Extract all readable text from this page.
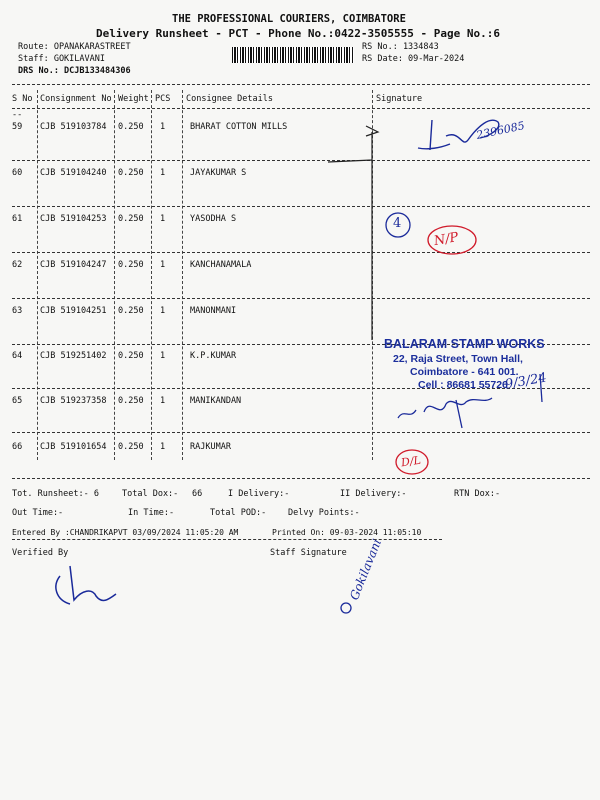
THE PROFESSIONAL COURIERS, COIMBATORE
Delivery Runsheet - PCT - Phone No.:0422-3505555 - Page No.:6
Route: OPANAKARASTREET
Staff: GOKILAVANI
DRS No.: DCJB133484306
RS No.: 1334843
RS Date: 09-Mar-2024
S No Consignment No Weight PCS Consignee Details	Signature
--
59 CJB 519103784 0.250 1	BHARAT COTTON MILLS
60 CJB 519104240 0.250 1	JAYAKUMAR S
61 CJB 519104253 0.250 1	YASODHA S
62 CJB 519104247 0.250 1	KANCHANAMALA
63 CJB 519104251 0.250 1	MANONMANI
64 CJB 519251402 0.250 1	K.P.KUMAR
65 CJB 519237358 0.250 1	MANIKANDAN
66 CJB 519101654 0.250 1	RAJKUMAR
Tot. Runsheet:- 6	Total Dox:- 66	I Delivery:-	II Delivery:-	RTN Dox:-
Out Time:-	In Time:-	Total POD:-	Delvy Points:-
Entered By :CHANDRIKAPVT 03/09/2024 11:05:20 AM	Printed On: 09-03-2024 11:05:10
Verified By	Staff Signature
BALARAM STAMP WORKS
22, Raja Street, Town Hall,
Coimbatore - 641 001.
Cell : 86681 55726
2396085
4
N/P
D/L
9/3/24
Gokilavani
